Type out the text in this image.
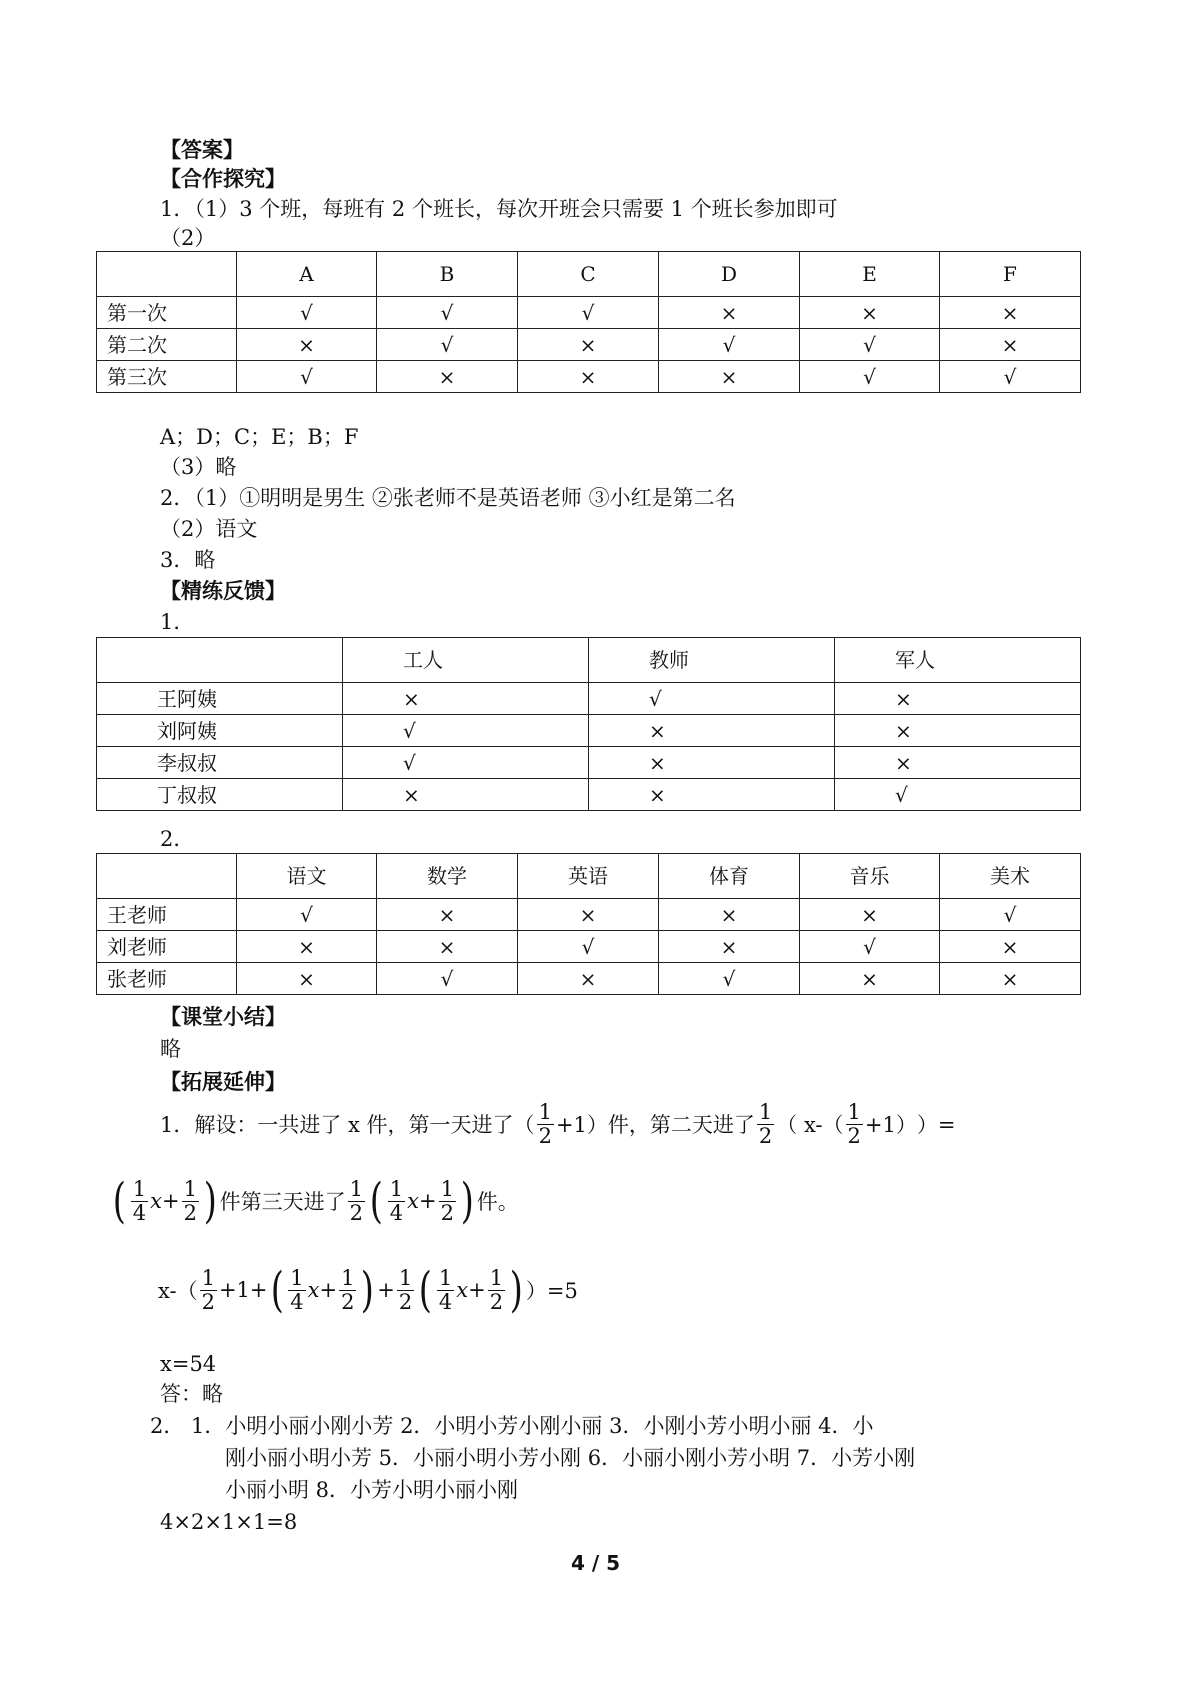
【答案】
【合作探究】
1．（1）3 个班，每班有 2 个班长，每次开班会只需要 1 个班长参加即可
（2）
	A	B	C	D	E	F
第一次	√	√	√	×	×	×
第二次	×	√	×	√	√	×
第三次	√	×	×	×	√	√
A；D；C；E；B；F
（3）略
2．（1）①明明是男生 ②张老师不是英语老师 ③小红是第二名
（2）语文
3．略
【精练反馈】
1．
	工人	教师	军人
王阿姨	×	√	×
刘阿姨	√	×	×
李叔叔	√	×	×
丁叔叔	×	×	√
2．
	语文	数学	英语	体育	音乐	美术
王老师	√	×	×	×	×	√
刘老师	×	×	√	×	√	×
张老师	×	√	×	√	×	×
【课堂小结】
略
【拓展延伸】
1．解设：一共进了 x 件，第一天进了（ $\frac{1}{2} +1$）件，第二天进了 $\frac{1}{2}$ （ $x-( \frac{1}{2} +1)$ ）=
( $\frac{1}{4}$ $x + \frac{1}{2}$ ) 件第三天进了 $\frac{1}{2}$ ( $\frac{1}{4}$ $x + \frac{1}{2}$ ) 件。
$x-( \frac{1}{2} +1$ + ( $\frac{1}{4}$ $x + \frac{1}{2}$ ) + $\frac{1}{2}$ ( $\frac{1}{4}$ $x + \frac{1}{2}$ ) ）=5
x=54
答：略
2． 1．小明小丽小刚小芳 2．小明小芳小刚小丽 3．小刚小芳小明小丽 4．小
刚小丽小明小芳 5．小丽小明小芳小刚 6．小丽小刚小芳小明 7．小芳小刚
小丽小明 8．小芳小明小丽小刚
4×2×1×1=8
4 / 5
